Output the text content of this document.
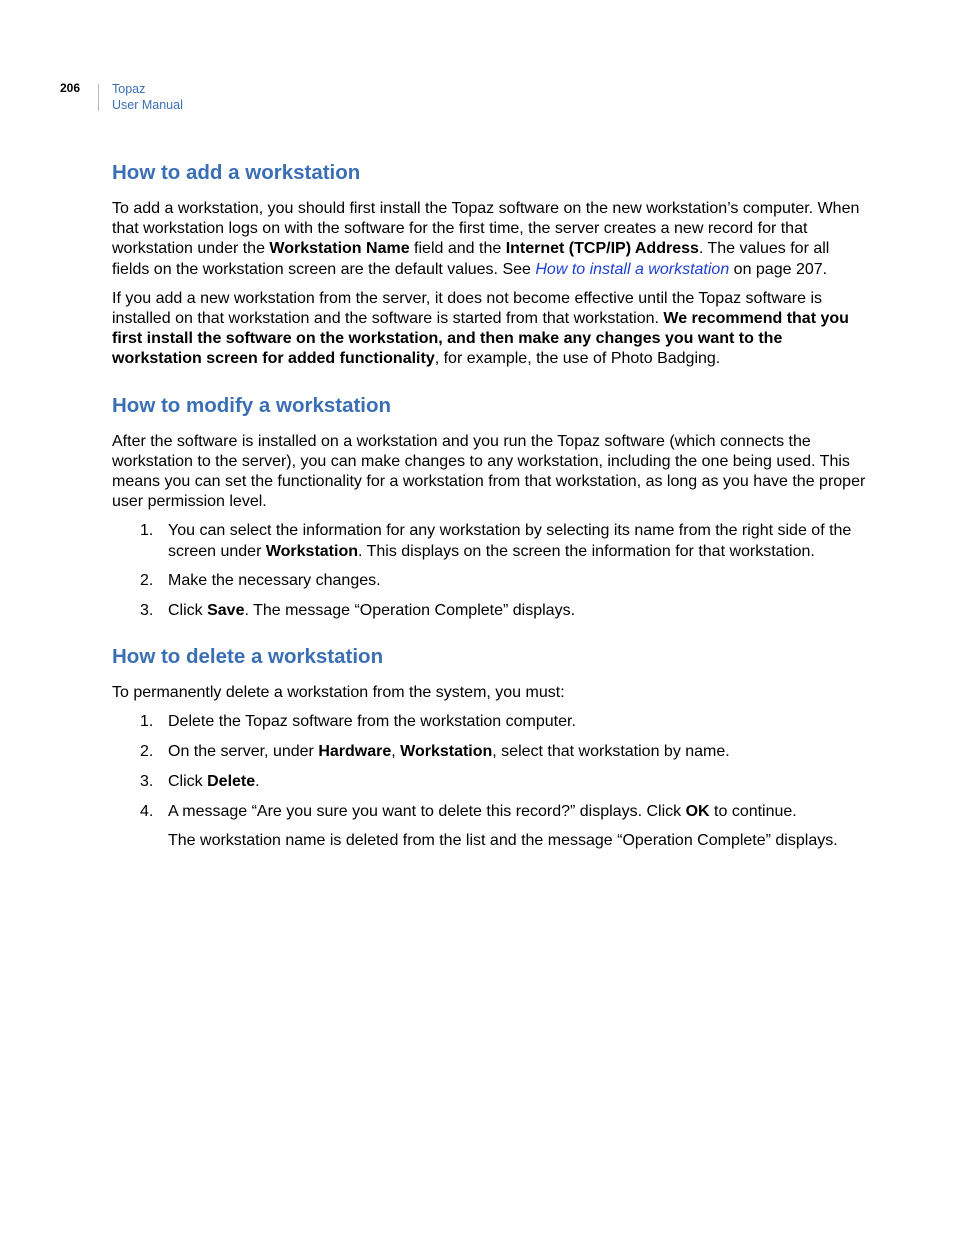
206	Topaz
User Manual
How to add a workstation

To add a workstation, you should first install the Topaz software on the new workstation’s computer. When that workstation logs on with the software for the first time, the server creates a new record for that workstation under the Workstation Name field and the Internet (TCP/IP) Address. The values for all fields on the workstation screen are the default values. See How to install a workstation on page 207.

If you add a new workstation from the server, it does not become effective until the Topaz software is installed on that workstation and the software is started from that workstation. We recommend that you first install the software on the workstation, and then make any changes you want to the workstation screen for added functionality, for example, the use of Photo Badging.

How to modify a workstation

After the software is installed on a workstation and you run the Topaz software (which connects the workstation to the server), you can make changes to any workstation, including the one being used. This means you can set the functionality for a workstation from that workstation, as long as you have the proper user permission level.

1. You can select the information for any workstation by selecting its name from the right side of the screen under Workstation. This displays on the screen the information for that workstation.
2. Make the necessary changes.
3. Click Save. The message “Operation Complete” displays.
How to delete a workstation

To permanently delete a workstation from the system, you must:

1. Delete the Topaz software from the workstation computer.
2. On the server, under Hardware, Workstation, select that workstation by name.
3. Click Delete.
4. A message “Are you sure you want to delete this record?” displays. Click OK to continue.

The workstation name is deleted from the list and the message “Operation Complete” displays.
